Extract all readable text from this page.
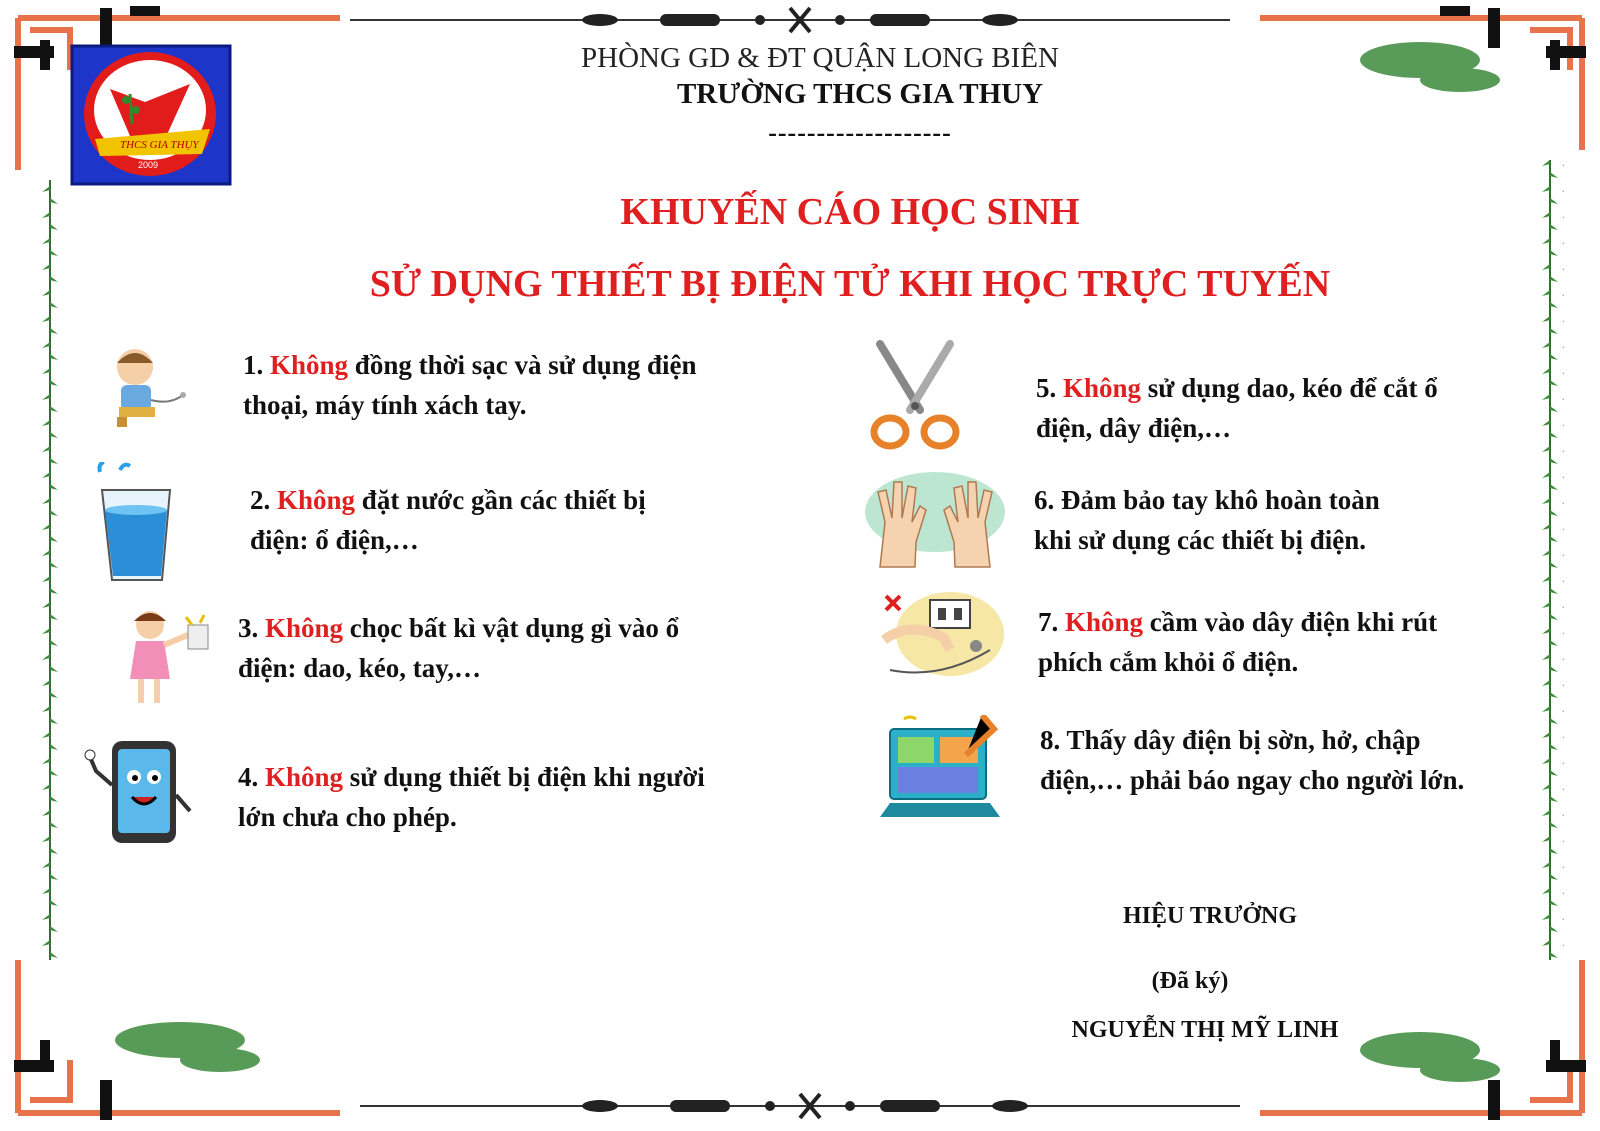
THCS GIA THỤY
2009
PHÒNG GD & ĐT QUẬN LONG BIÊN
TRƯỜNG THCS GIA THUY
-------------------
KHUYẾN CÁO HỌC SINH
SỬ DỤNG THIẾT BỊ ĐIỆN TỬ KHI HỌC TRỰC TUYẾN
1. Không đồng thời sạc và sử dụng điện
thoại, máy tính xách tay.
2. Không đặt nước gần các thiết bị
điện: ổ điện,…
3. Không chọc bất kì vật dụng gì vào ổ
điện: dao, kéo, tay,…
4. Không sử dụng thiết bị điện khi người
lớn chưa cho phép.
5. Không sử dụng dao, kéo để cắt ổ
điện, dây điện,…
6. Đảm bảo tay khô hoàn toàn
khi sử dụng các thiết bị điện.
7. Không cầm vào dây điện khi rút
phích cắm khỏi ổ điện.
8. Thấy dây điện bị sờn, hở, chập
điện,… phải báo ngay cho người lớn.
HIỆU TRƯỞNG
(Đã ký)
NGUYỄN THỊ MỸ LINH
